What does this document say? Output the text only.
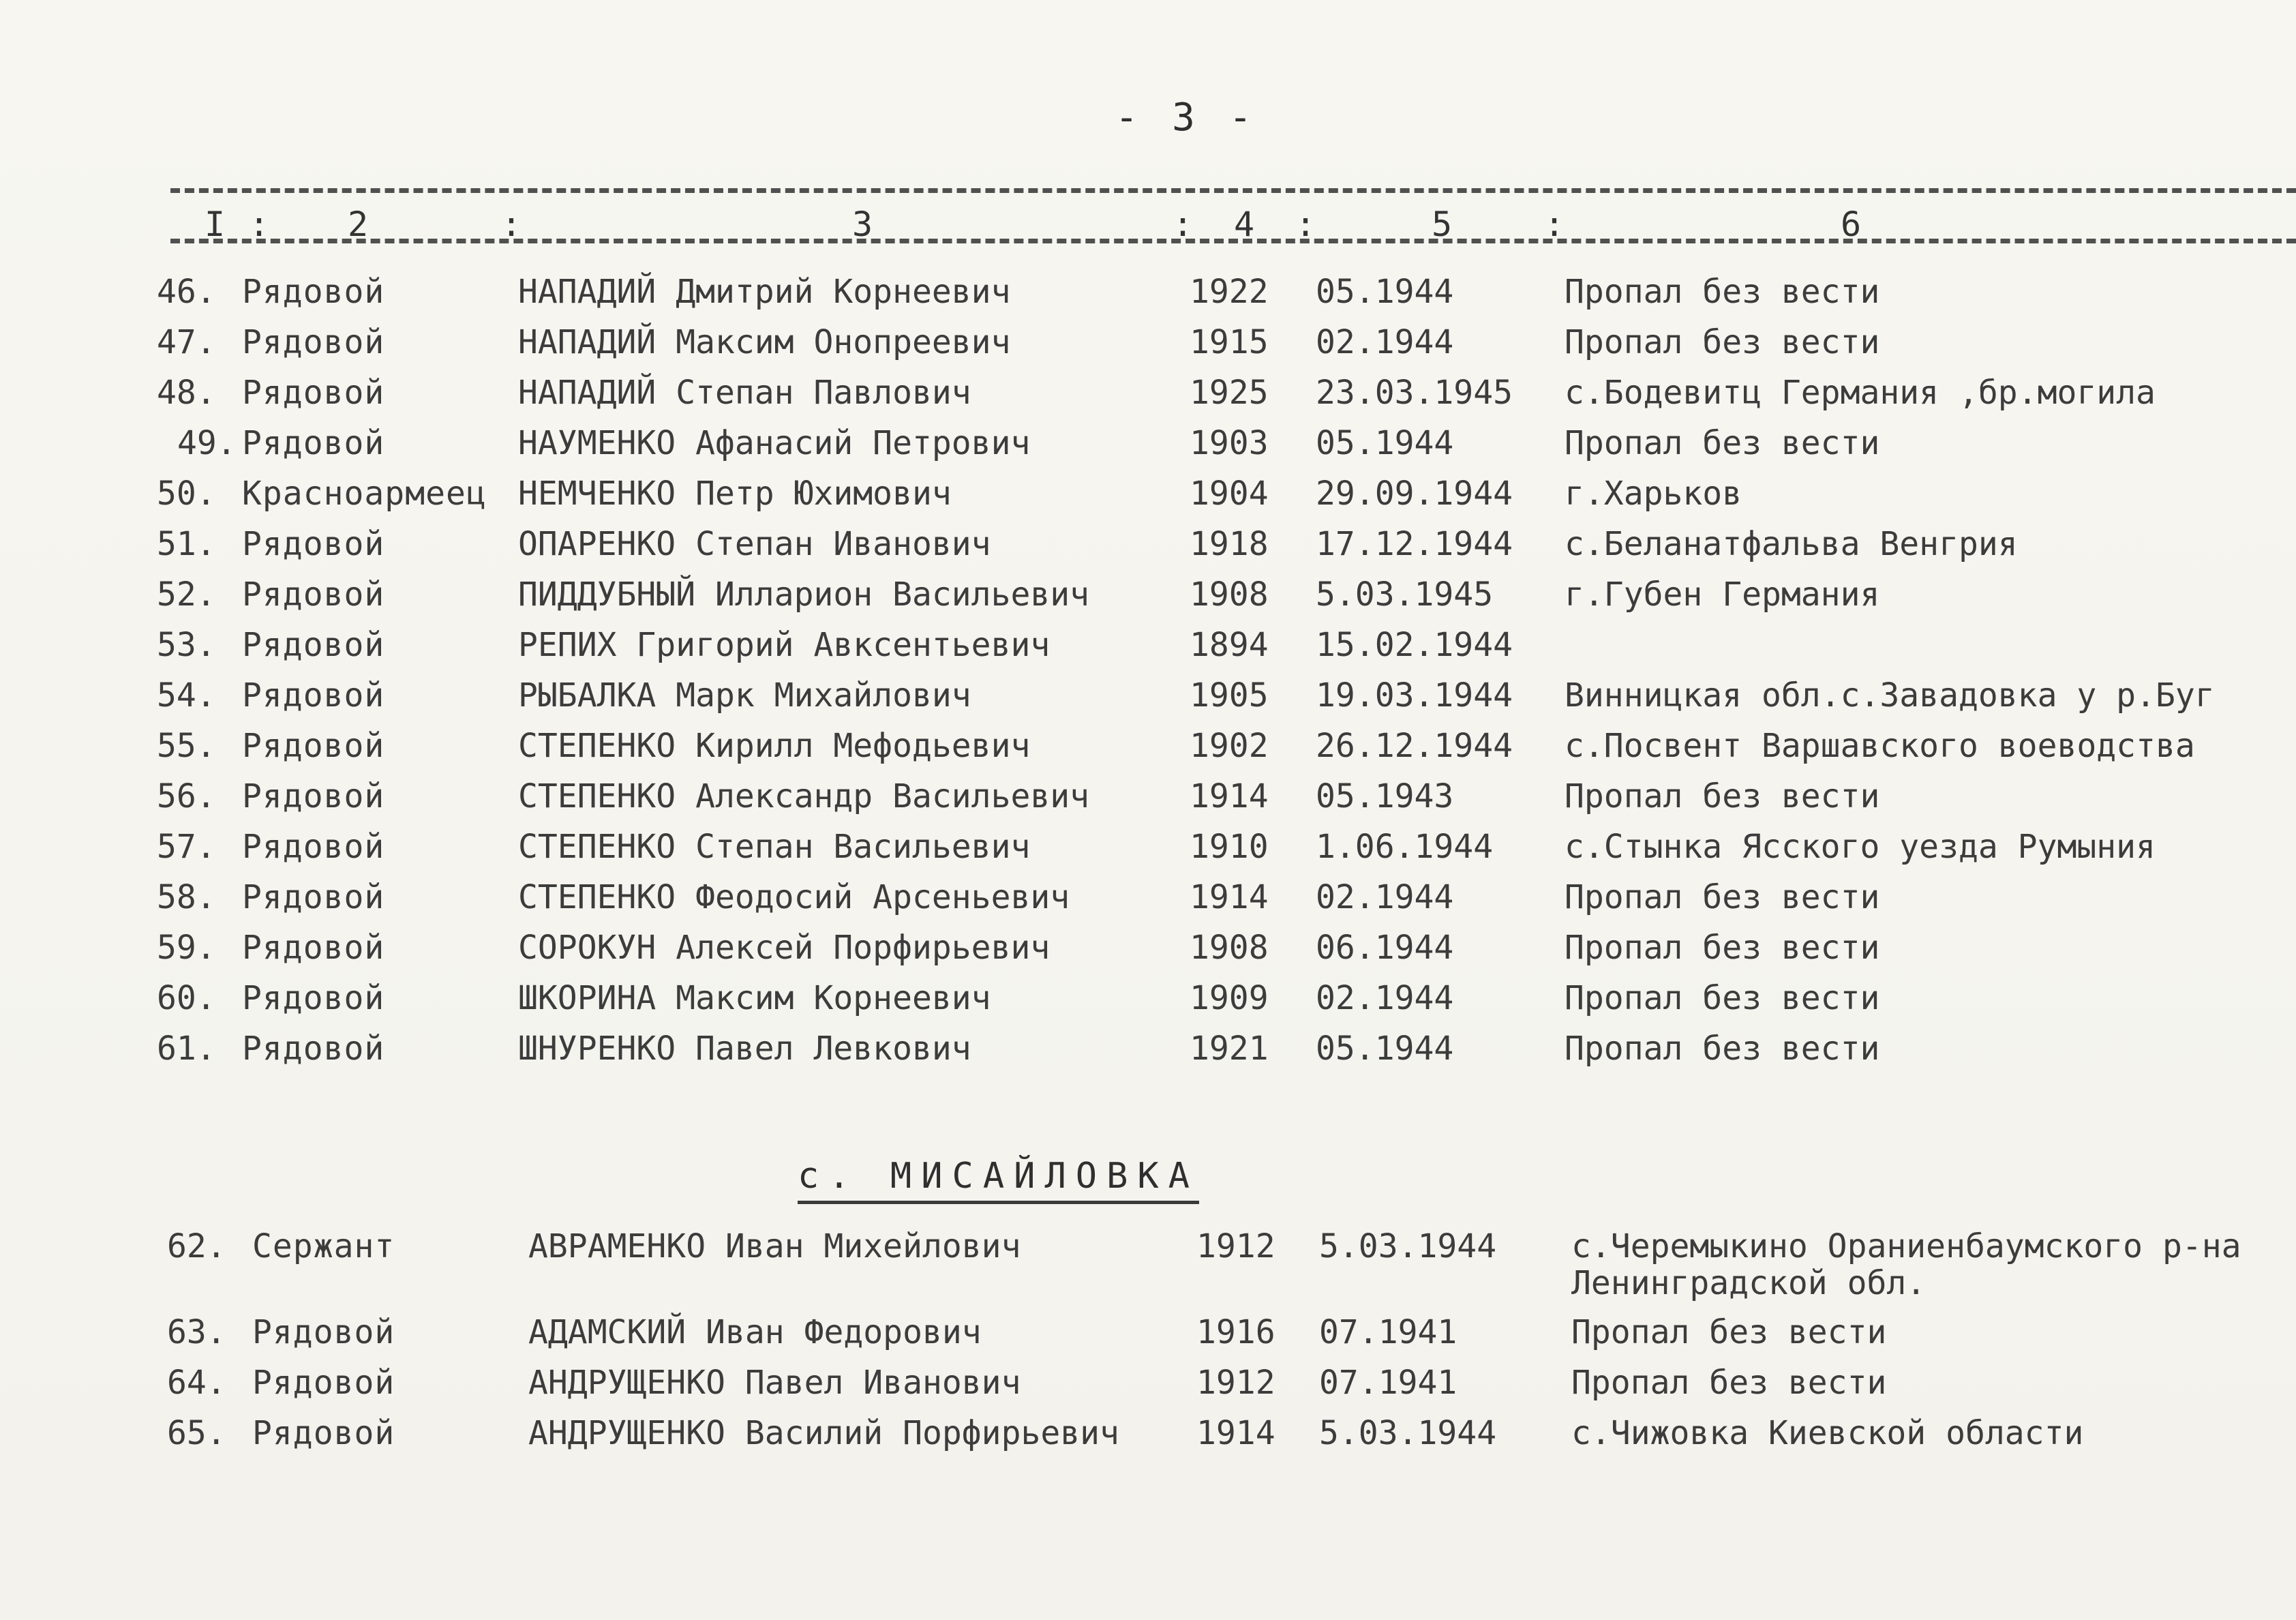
- 3 -
I : 2	:	3	: 4 :	5	:	6
46. Рядовой	НАПАДИЙ Дмитрий Корнеевич	1922 05.1944	Пропал без вести
47. Рядовой	НАПАДИЙ Максим Онопреевич	1915 02.1944	Пропал без вести
48. Рядовой	НАПАДИЙ Степан Павлович	1925 23.03.1945 с.Бодевитц Германия ,бр.могила
49. Рядовой	НАУМЕНКО Афанасий Петрович	1903 05.1944	Пропал без вести
50. Красноармеец НЕМЧЕНКО Петр Юхимович	1904 29.09.1944 г.Харьков
51. Рядовой	ОПАРЕНКО Степан Иванович	1918 17.12.1944 с.Беланатфальва Венгрия
52. Рядовой	ПИДДУБНЫЙ Илларион Васильевич	1908 5.03.1945 г.Губен Германия
53. Рядовой	РЕПИХ Григорий Авксентьевич	1894 15.02.1944
54. Рядовой	РЫБАЛКА Марк Михайлович	1905 19.03.1944 Винницкая обл.с.Завадовка у р.Буг
55. Рядовой	СТЕПЕНКО Кирилл Мефодьевич	1902 26.12.1944 с.Посвент Варшавского воеводства
56. Рядовой	СТЕПЕНКО Александр Васильевич	1914 05.1943	Пропал без вести
57. Рядовой	СТЕПЕНКО Степан Васильевич	1910 1.06.1944 с.Стынка Ясского уезда Румыния
58. Рядовой	СТЕПЕНКО Феодосий Арсеньевич	1914 02.1944	Пропал без вести
59. Рядовой	СОРОКУН Алексей Порфирьевич	1908 06.1944	Пропал без вести
60. Рядовой	ШКОРИНА Максим Корнеевич	1909 02.1944	Пропал без вести
61. Рядовой	ШНУРЕНКО Павел Левкович	1921 05.1944	Пропал без вести
с. МИСАЙЛОВКА
62. Сержант	АВРАМЕНКО Иван Михейлович	1912 5.03.1944 с.Черемыкино Ораниенбаумского р-на
Ленинградской обл.
63. Рядовой	АДАМСКИЙ Иван Федорович	1916 07.1941	Пропал без вести
64. Рядовой	АНДРУЩЕНКО Павел Иванович	1912 07.1941	Пропал без вести
65. Рядовой	АНДРУЩЕНКО Василий Порфирьевич 1914 5.03.1944 с.Чижовка Киевской области
